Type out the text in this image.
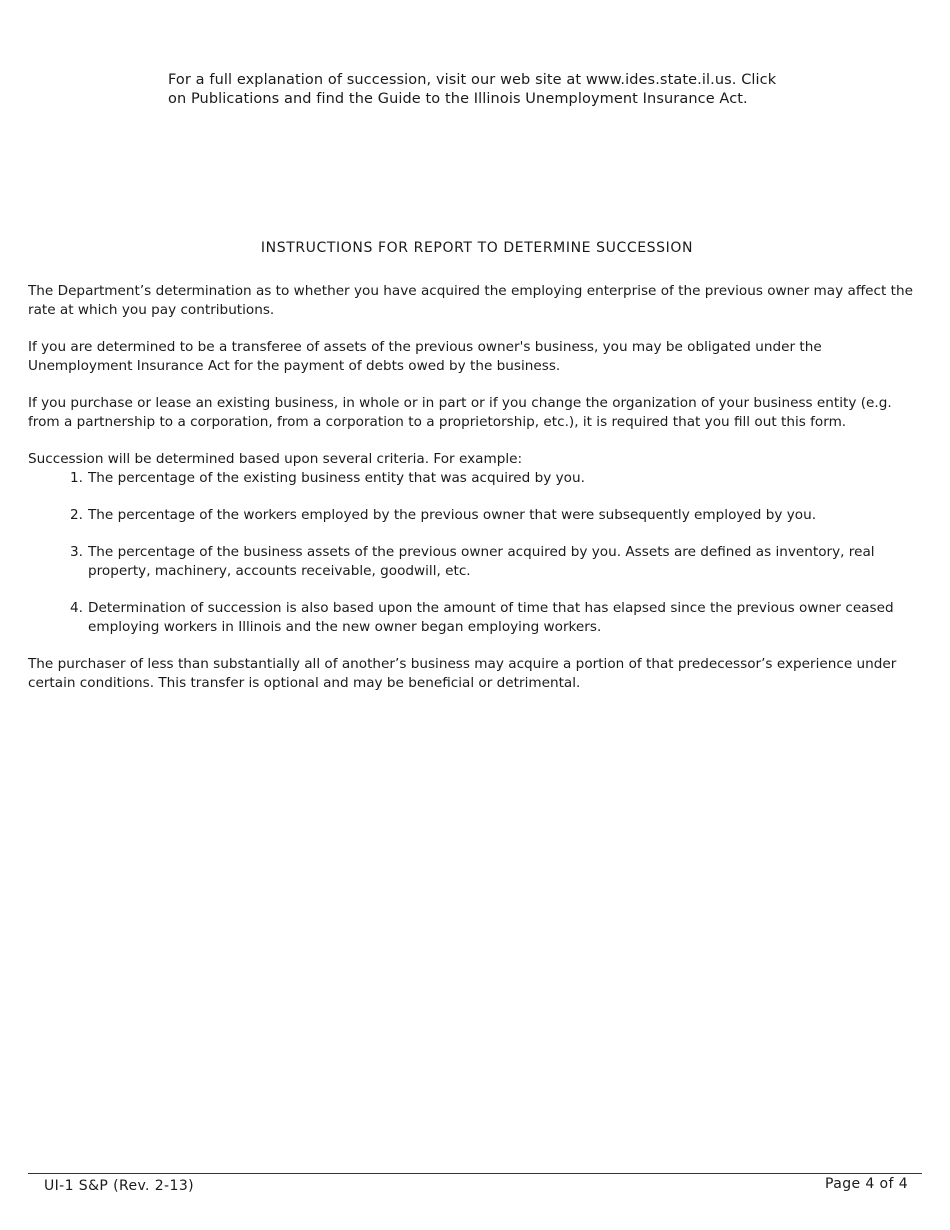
For a full explanation of succession, visit our web site at www.ides.state.il.us. Click

on Publications and find the Guide to the Illinois Unemployment Insurance Act.

INSTRUCTIONS FOR REPORT TO DETERMINE SUCCESSION

The Department’s determination as to whether you have acquired the employing enterprise of the previous owner may affect the rate at which you pay contributions.

If you are determined to be a transferee of assets of the previous owner's business, you may be obligated under the Unemployment Insurance Act for the payment of debts owed by the business.

If you purchase or lease an existing business, in whole or in part or if you change the organization of your business entity (e.g. from a partnership to a corporation, from a corporation to a proprietorship, etc.), it is required that you fill out this form.

Succession will be determined based upon several criteria. For example:

1. The percentage of the existing business entity that was acquired by you.
2. The percentage of the workers employed by the previous owner that were subsequently employed by you.
3. The percentage of the business assets of the previous owner acquired by you. Assets are defined as inventory, real property, machinery, accounts receivable, goodwill, etc.
4. Determination of succession is also based upon the amount of time that has elapsed since the previous owner ceased employing workers in Illinois and the new owner began employing workers.

The purchaser of less than substantially all of another’s business may acquire a portion of that predecessor’s experience under certain conditions. This transfer is optional and may be beneficial or detrimental.

UI-1 S&P (Rev. 2-13)	Page 4 of 4
